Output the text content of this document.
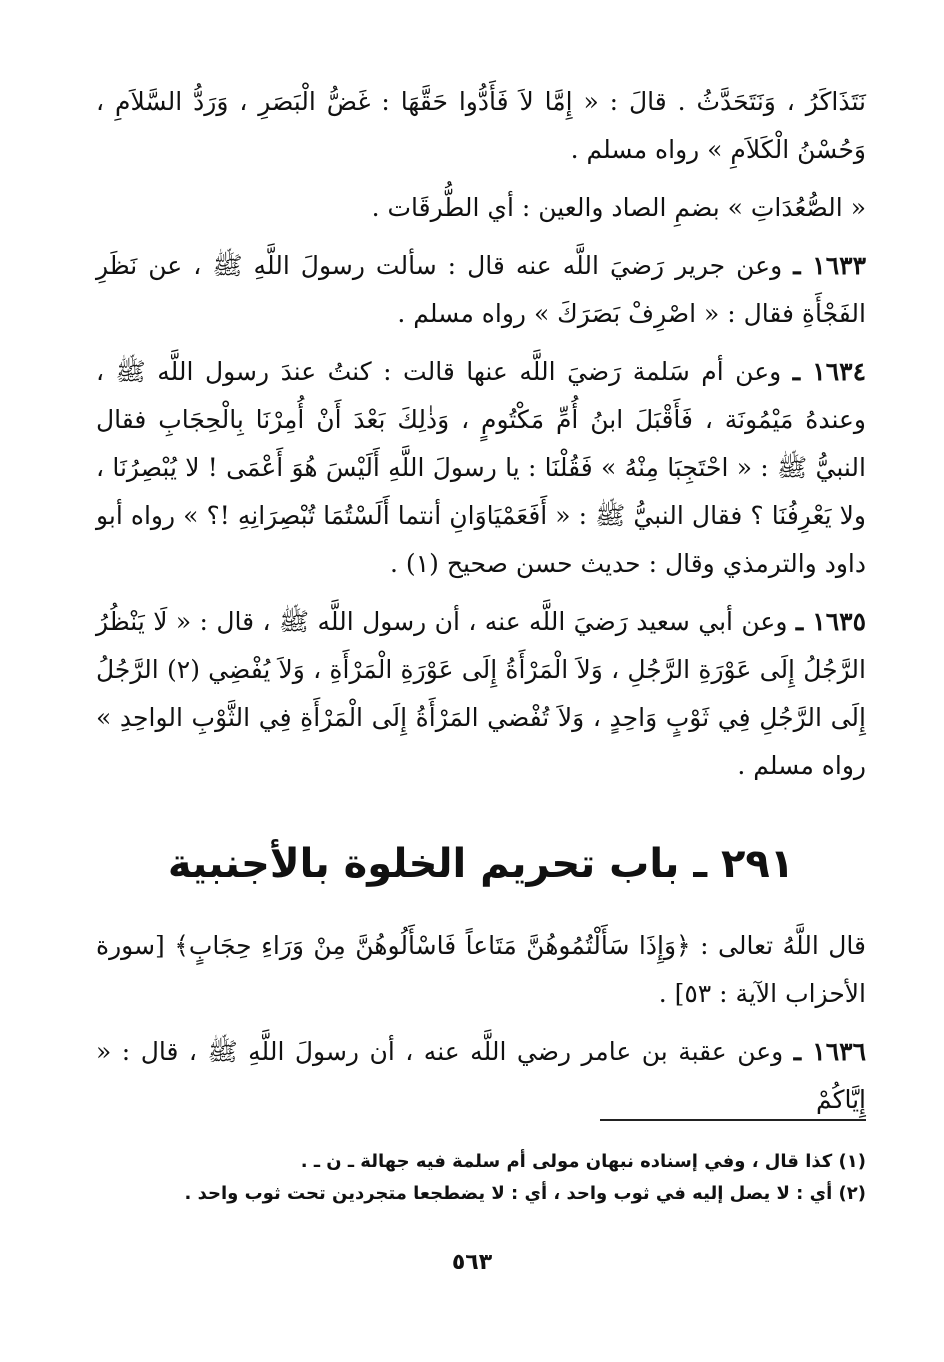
نَتَذَاكَرُ ، وَنَتَحَدَّثُ . قالَ : « إِمَّا لاَ فَأَدُّوا حَقَّهَا : غَضُّ الْبَصَرِ ، وَرَدُّ السَّلاَمِ ، وَحُسْنُ الْكَلاَمِ » رواه مسلم .

« الصُّعُدَاتِ » بضمِ الصاد والعين : أي الطُّرقَات .

١٦٣٣ ـ وعن جرير رَضيَ اللَّه عنه قال : سألت رسولَ اللَّهِ ﷺ ، عن نَظَرِ الفَجْأَةِ فقال : « اصْرِفْ بَصَرَكَ » رواه مسلم .

١٦٣٤ ـ وعن أم سَلمة رَضيَ اللَّه عنها قالت : كنتُ عندَ رسول اللَّه ﷺ ، وعندهُ مَيْمُونَة ، فَأَقْبَلَ ابنُ أُمِّ مَكْتُومٍ ، وَذٰلِكَ بَعْدَ أَنْ أُمِرْنَا بِالْحِجَابِ فقال النبيُّ ﷺ : « احْتَجِبَا مِنْهُ » فَقُلْنَا : يا رسولَ اللَّهِ أَلَيْسَ هُوَ أَعْمَى ! لا يُبْصِرُنَا ، ولا يَعْرِفُنَا ؟ فقال النبيُّ ﷺ : « أَفَعَمْيَاوَانِ أنتما أَلَسْتُمَا تُبْصِرَانِهِ !؟ » رواه أبو داود والترمذي وقال : حديث حسن صحيح (١) .

١٦٣٥ ـ وعن أبي سعيد رَضيَ اللَّه عنه ، أن رسول اللَّه ﷺ ، قال : « لَا يَنْظُرُ الرَّجُلُ إِلَى عَوْرَةِ الرَّجُلِ ، وَلاَ الْمَرْأَةُ إِلَى عَوْرَةِ الْمَرْأَةِ ، وَلاَ يُفْضِي (٢) الرَّجُلُ إِلَى الرَّجُلِ فِي ثَوْبٍ وَاحِدٍ ، وَلاَ تُفْضي المَرْأَةُ إِلَى الْمَرْأَةِ فِي الثَّوْبِ الواحِدِ » رواه مسلم .

٢٩١ ـ باب تحريم الخلوة بالأجنبية

قال اللَّهُ تعالى : ﴿وَإِذَا سَأَلْتُمُوهُنَّ مَتَاعاً فَاسْأَلُوهُنَّ مِنْ وَرَاءِ حِجَابٍ﴾ [سورة الأحزاب الآية : ٥٣] .

١٦٣٦ ـ وعن عقبة بن عامر رضي اللَّه عنه ، أن رسولَ اللَّهِ ﷺ ، قال : « إِيَّاكُمْ

(١) كذا قال ، وفي إسناده نبهان مولى أم سلمة فيه جهالة ـ ن ـ .

(٢) أي : لا يصل إليه في ثوب واحد ، أي : لا يضطجعا متجردين تحت ثوب واحد .

٥٦٣
